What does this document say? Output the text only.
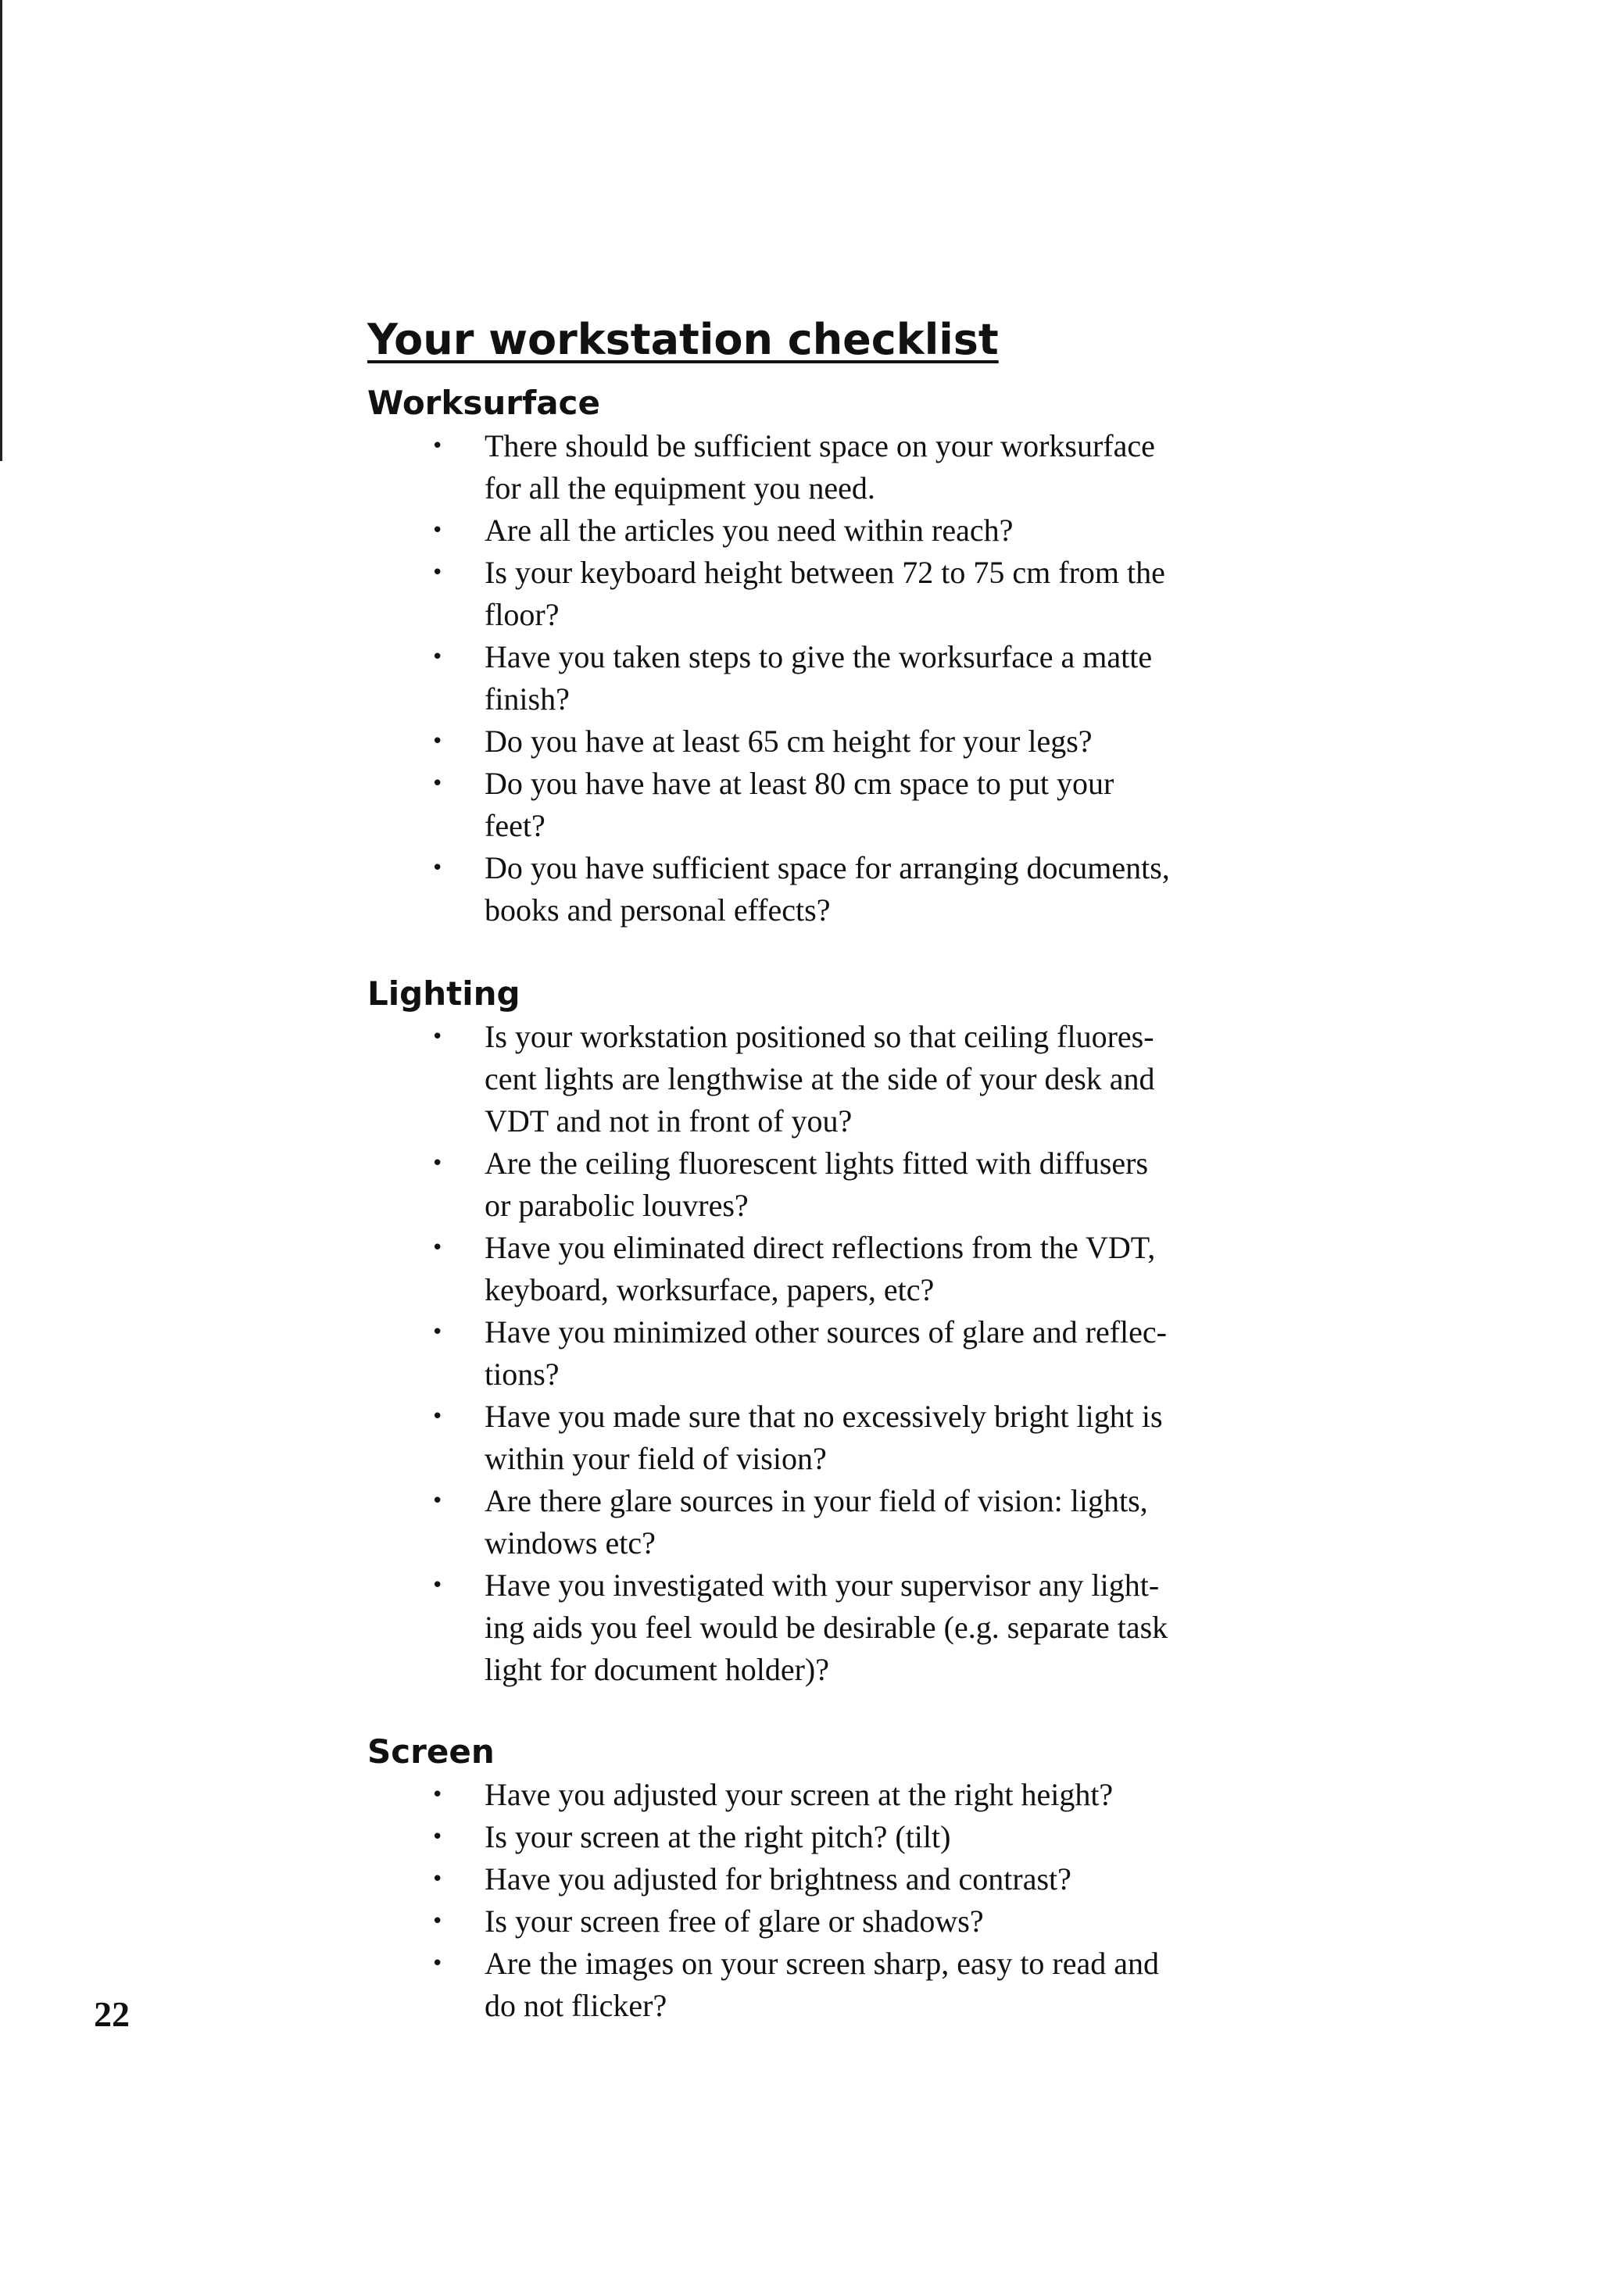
Your workstation checklist
Worksurface
• There should be sufficient space on your worksurface
for all the equipment you need.
• Are all the articles you need within reach?
• Is your keyboard height between 72 to 75 cm from the
floor?
• Have you taken steps to give the worksurface a matte
finish?
• Do you have at least 65 cm height for your legs?
• Do you have have at least 80 cm space to put your
feet?
• Do you have sufficient space for arranging documents,
books and personal effects?
Lighting
• Is your workstation positioned so that ceiling fluores-
cent lights are lengthwise at the side of your desk and
VDT and not in front of you?
• Are the ceiling fluorescent lights fitted with diffusers
or parabolic louvres?
• Have you eliminated direct reflections from the VDT,
keyboard, worksurface, papers, etc?
• Have you minimized other sources of glare and reflec-
tions?
• Have you made sure that no excessively bright light is
within your field of vision?
• Are there glare sources in your field of vision: lights,
windows etc?
• Have you investigated with your supervisor any light-
ing aids you feel would be desirable (e.g. separate task
light for document holder)?
Screen
• Have you adjusted your screen at the right height?
• Is your screen at the right pitch? (tilt)
• Have you adjusted for brightness and contrast?
• Is your screen free of glare or shadows?
• Are the images on your screen sharp, easy to read and
do not flicker?
22
